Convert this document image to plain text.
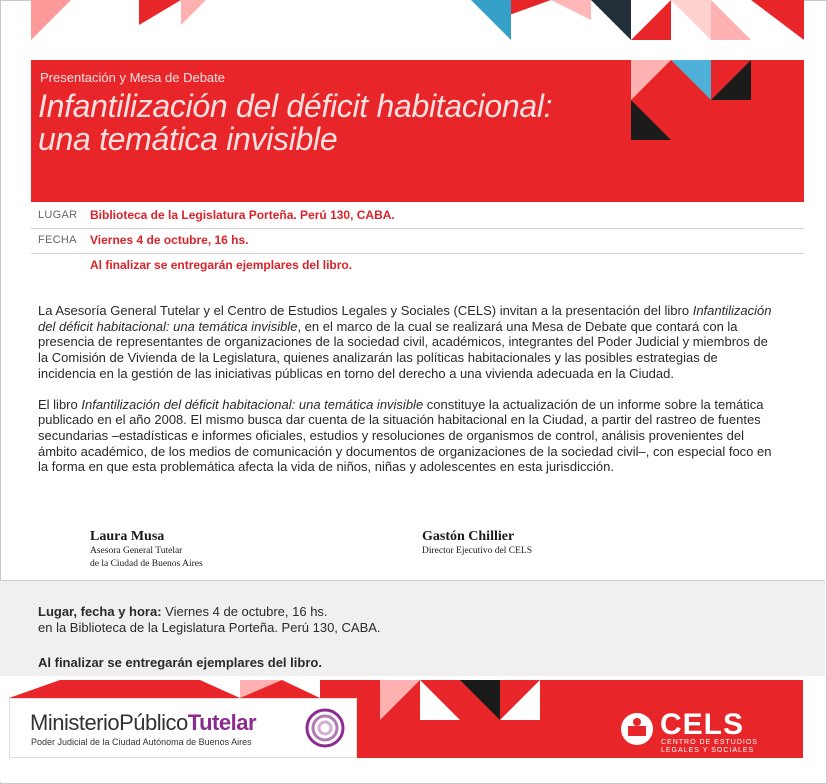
Presentación y Mesa de Debate
Infantilización del déficit habitacional:
una temática invisible
LUGAR Biblioteca de la Legislatura Porteña. Perú 130, CABA.
FECHA Viernes 4 de octubre, 16 hs.
Al finalizar se entregarán ejemplares del libro.

La Asesoría General Tutelar y el Centro de Estudios Legales y Sociales (CELS) invitan a la presentación del libro Infantilización del déficit habitacional: una temática invisible, en el marco de la cual se realizará una Mesa de Debate que contará con la presencia de representantes de organizaciones de la sociedad civil, académicos, integrantes del Poder Judicial y miembros de la Comisión de Vivienda de la Legislatura, quienes analizarán las políticas habitacionales y las posibles estrategias de incidencia en la gestión de las iniciativas públicas en torno del derecho a una vivienda adecuada en la Ciudad.

El libro Infantilización del déficit habitacional: una temática invisible constituye la actualización de un informe sobre la temática publicado en el año 2008. El mismo busca dar cuenta de la situación habitacional en la Ciudad, a partir del rastreo de fuentes secundarias –estadísticas e informes oficiales, estudios y resoluciones de organismos de control, análisis provenientes del ámbito académico, de los medios de comunicación y documentos de organizaciones de la sociedad civil–, con especial foco en la forma en que esta problemática afecta la vida de niños, niñas y adolescentes en esta jurisdicción.

Laura Musa
Asesora General Tutelar
de la Ciudad de Buenos Aires
Gastón Chillier
Director Ejecutivo del CELS
Lugar, fecha y hora: Viernes 4 de octubre, 16 hs.
en la Biblioteca de la Legislatura Porteña. Perú 130, CABA.
Al finalizar se entregarán ejemplares del libro.
MinisterioPúblicoTutelar
Poder Judicial de la Ciudad Autónoma de Buenos Aires
CELS
CENTRO DE ESTUDIOS
LEGALES Y SOCIALES
